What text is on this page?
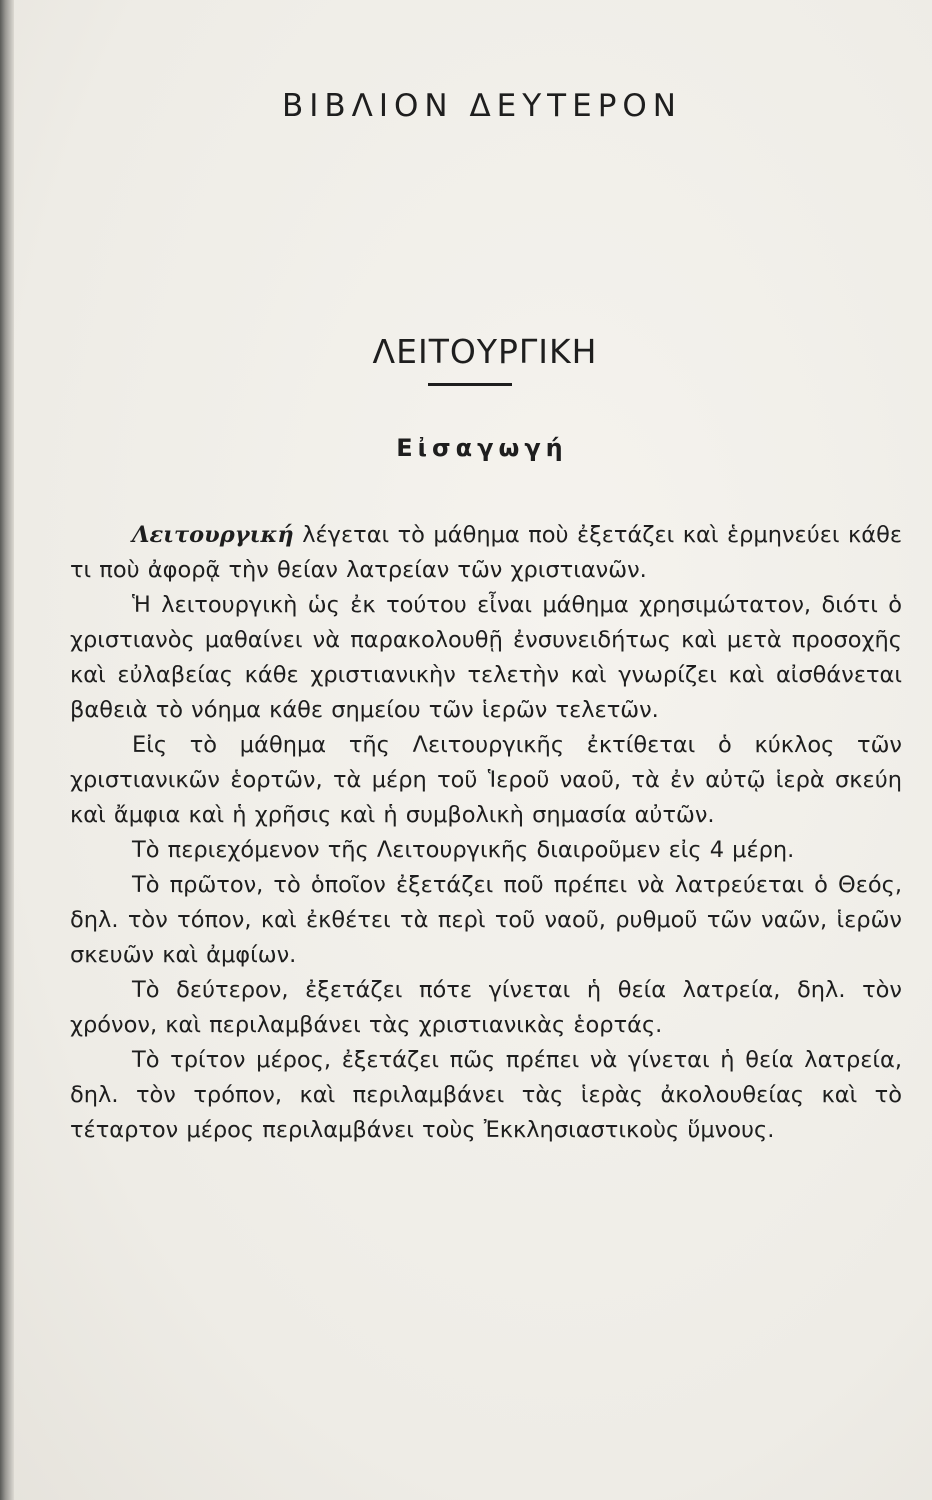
ΒΙΒΛΙΟΝ ΔΕΥΤΕΡΟΝ
ΛΕΙΤΟΥΡΓΙΚΗ
Εἰσαγωγή

Λειτουργική λέγεται τὸ μάθημα ποὺ ἐξετάζει καὶ ἑρμηνεύει κάθε τι ποὺ ἀφορᾷ τὴν θείαν λατρείαν τῶν χριστιανῶν.

Ἡ λειτουργικὴ ὡς ἐκ τούτου εἶναι μάθημα χρησιμώτατον, διότι ὁ χριστιανὸς μαθαίνει νὰ παρακολουθῇ ἐνσυνειδήτως καὶ μετὰ προσοχῆς καὶ εὐλαβείας κάθε χριστιανικὴν τελετὴν καὶ γνωρίζει καὶ αἰσθάνεται βαθειὰ τὸ νόημα κάθε σημείου τῶν ἱερῶν τελετῶν.

Εἰς τὸ μάθημα τῆς Λειτουργικῆς ἐκτίθεται ὁ κύκλος τῶν χριστιανικῶν ἑορτῶν, τὰ μέρη τοῦ Ἱεροῦ ναοῦ, τὰ ἐν αὐτῷ ἱερὰ σκεύη καὶ ἄμφια καὶ ἡ χρῆσις καὶ ἡ συμβολικὴ σημασία αὐτῶν.

Τὸ περιεχόμενον τῆς Λειτουργικῆς διαιροῦμεν εἰς 4 μέρη.

Τὸ πρῶτον, τὸ ὁποῖον ἐξετάζει ποῦ πρέπει νὰ λατρεύεται ὁ Θεός, δηλ. τὸν τόπον, καὶ ἐκθέτει τὰ περὶ τοῦ ναοῦ, ρυθμοῦ τῶν ναῶν, ἱερῶν σκευῶν καὶ ἀμφίων.

Τὸ δεύτερον, ἐξετάζει πότε γίνεται ἡ θεία λατρεία, δηλ. τὸν χρόνον, καὶ περιλαμβάνει τὰς χριστιανικὰς ἑορτάς.

Τὸ τρίτον μέρος, ἐξετάζει πῶς πρέπει νὰ γίνεται ἡ θεία λατρεία, δηλ. τὸν τρόπον, καὶ περιλαμβάνει τὰς ἱερὰς ἀκολουθείας καὶ τὸ τέταρτον μέρος περιλαμβάνει τοὺς Ἐκκλησιαστικοὺς ὕμνους.
